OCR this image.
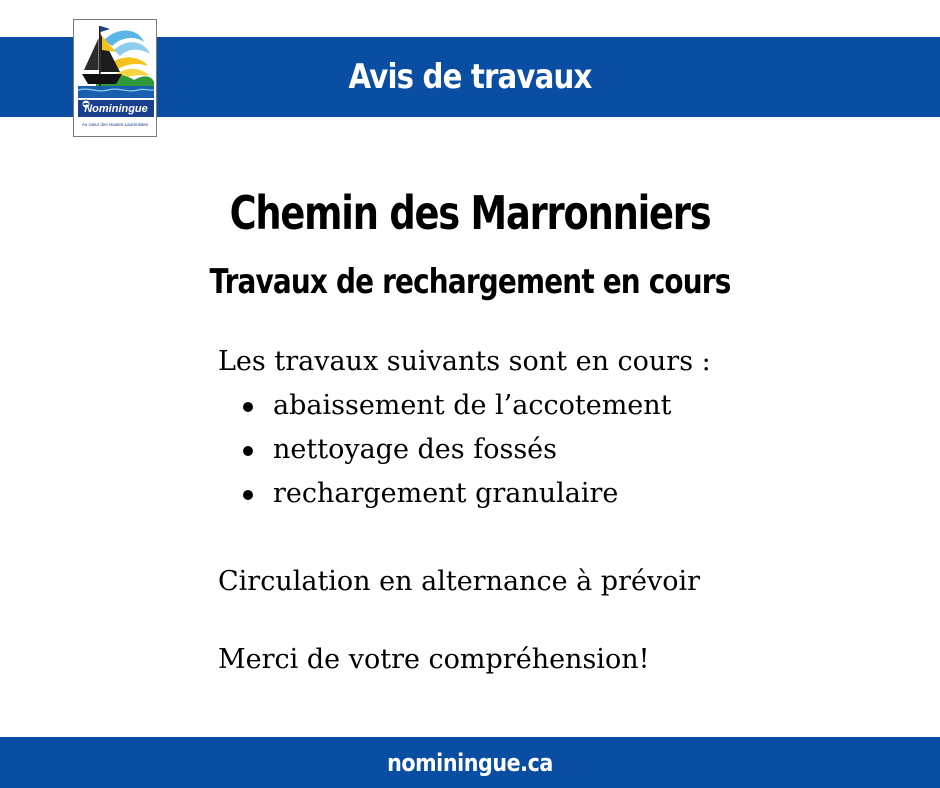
Avis de travaux
Nominingue
Au cœur des Hautes-Laurentides
Chemin des Marronniers
Travaux de rechargement en cours
Les travaux suivants sont en cours :
abaissement de l’accotement
nettoyage des fossés
rechargement granulaire
Circulation en alternance à prévoir
Merci de votre compréhension!
nominingue.ca
